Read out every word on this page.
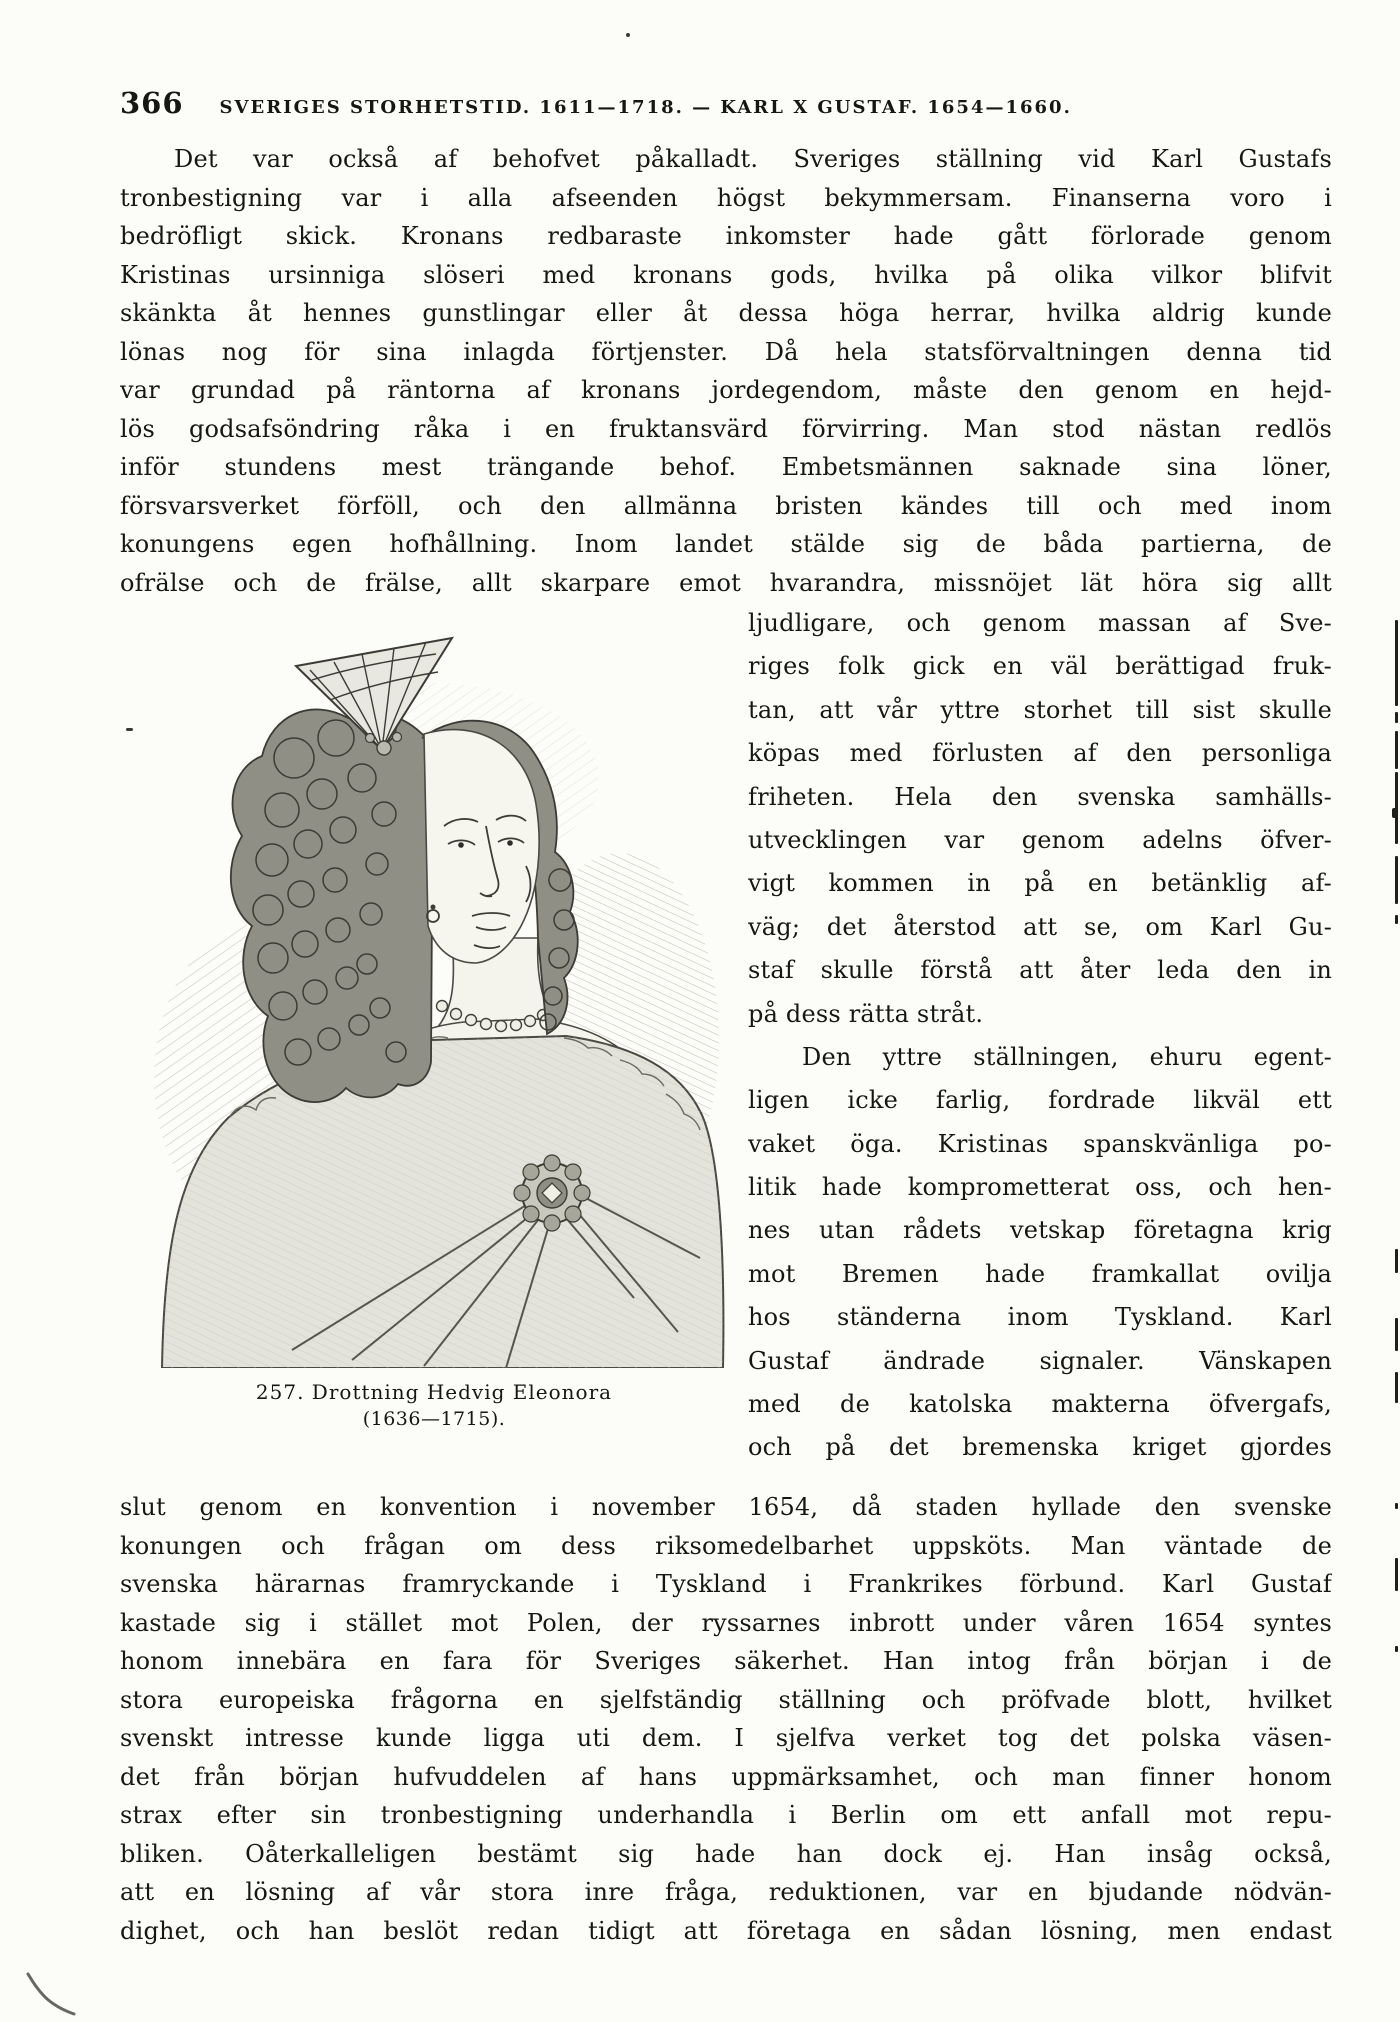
366 SVERIGES STORHETSTID. 1611—1718. — KARL X GUSTAF. 1654—1660.
Det var också af behofvet påkalladt. Sveriges ställning vid Karl Gustafs
tronbestigning var i alla afseenden högst bekymmersam. Finanserna voro i
bedröfligt skick. Kronans redbaraste inkomster hade gått förlorade genom
Kristinas ursinniga slöseri med kronans gods, hvilka på olika vilkor blifvit
skänkta åt hennes gunstlingar eller åt dessa höga herrar, hvilka aldrig kunde
lönas nog för sina inlagda förtjenster. Då hela statsförvaltningen denna tid
var grundad på räntorna af kronans jordegendom, måste den genom en hejd-
lös godsafsöndring råka i en fruktansvärd förvirring. Man stod nästan redlös
inför stundens mest trängande behof. Embetsmännen saknade sina löner,
försvarsverket förföll, och den allmänna bristen kändes till och med inom
konungens egen hofhållning. Inom landet stälde sig de båda partierna, de
ofrälse och de frälse, allt skarpare emot hvarandra, missnöjet lät höra sig allt
257. Drottning Hedvig Eleonora
(1636—1715).
ljudligare, och genom massan af Sve-
riges folk gick en väl berättigad fruk-
tan, att vår yttre storhet till sist skulle
köpas med förlusten af den personliga
friheten. Hela den svenska samhälls-
utvecklingen var genom adelns öfver-
vigt kommen in på en betänklig af-
väg; det återstod att se, om Karl Gu-
staf skulle förstå att åter leda den in
på dess rätta stråt.
Den yttre ställningen, ehuru egent-
ligen icke farlig, fordrade likväl ett
vaket öga. Kristinas spanskvänliga po-
litik hade komprometterat oss, och hen-
nes utan rådets vetskap företagna krig
mot Bremen hade framkallat ovilja
hos ständerna inom Tyskland. Karl
Gustaf ändrade signaler. Vänskapen
med de katolska makterna öfvergafs,
och på det bremenska kriget gjordes
slut genom en konvention i november 1654, då staden hyllade den svenske
konungen och frågan om dess riksomedelbarhet uppsköts. Man väntade de
svenska härarnas framryckande i Tyskland i Frankrikes förbund. Karl Gustaf
kastade sig i stället mot Polen, der ryssarnes inbrott under våren 1654 syntes
honom innebära en fara för Sveriges säkerhet. Han intog från början i de
stora europeiska frågorna en sjelfständig ställning och pröfvade blott, hvilket
svenskt intresse kunde ligga uti dem. I sjelfva verket tog det polska väsen-
det från början hufvuddelen af hans uppmärksamhet, och man finner honom
strax efter sin tronbestigning underhandla i Berlin om ett anfall mot repu-
bliken. Oåterkalleligen bestämt sig hade han dock ej. Han insåg också,
att en lösning af vår stora inre fråga, reduktionen, var en bjudande nödvän-
dighet, och han beslöt redan tidigt att företaga en sådan lösning, men endast
